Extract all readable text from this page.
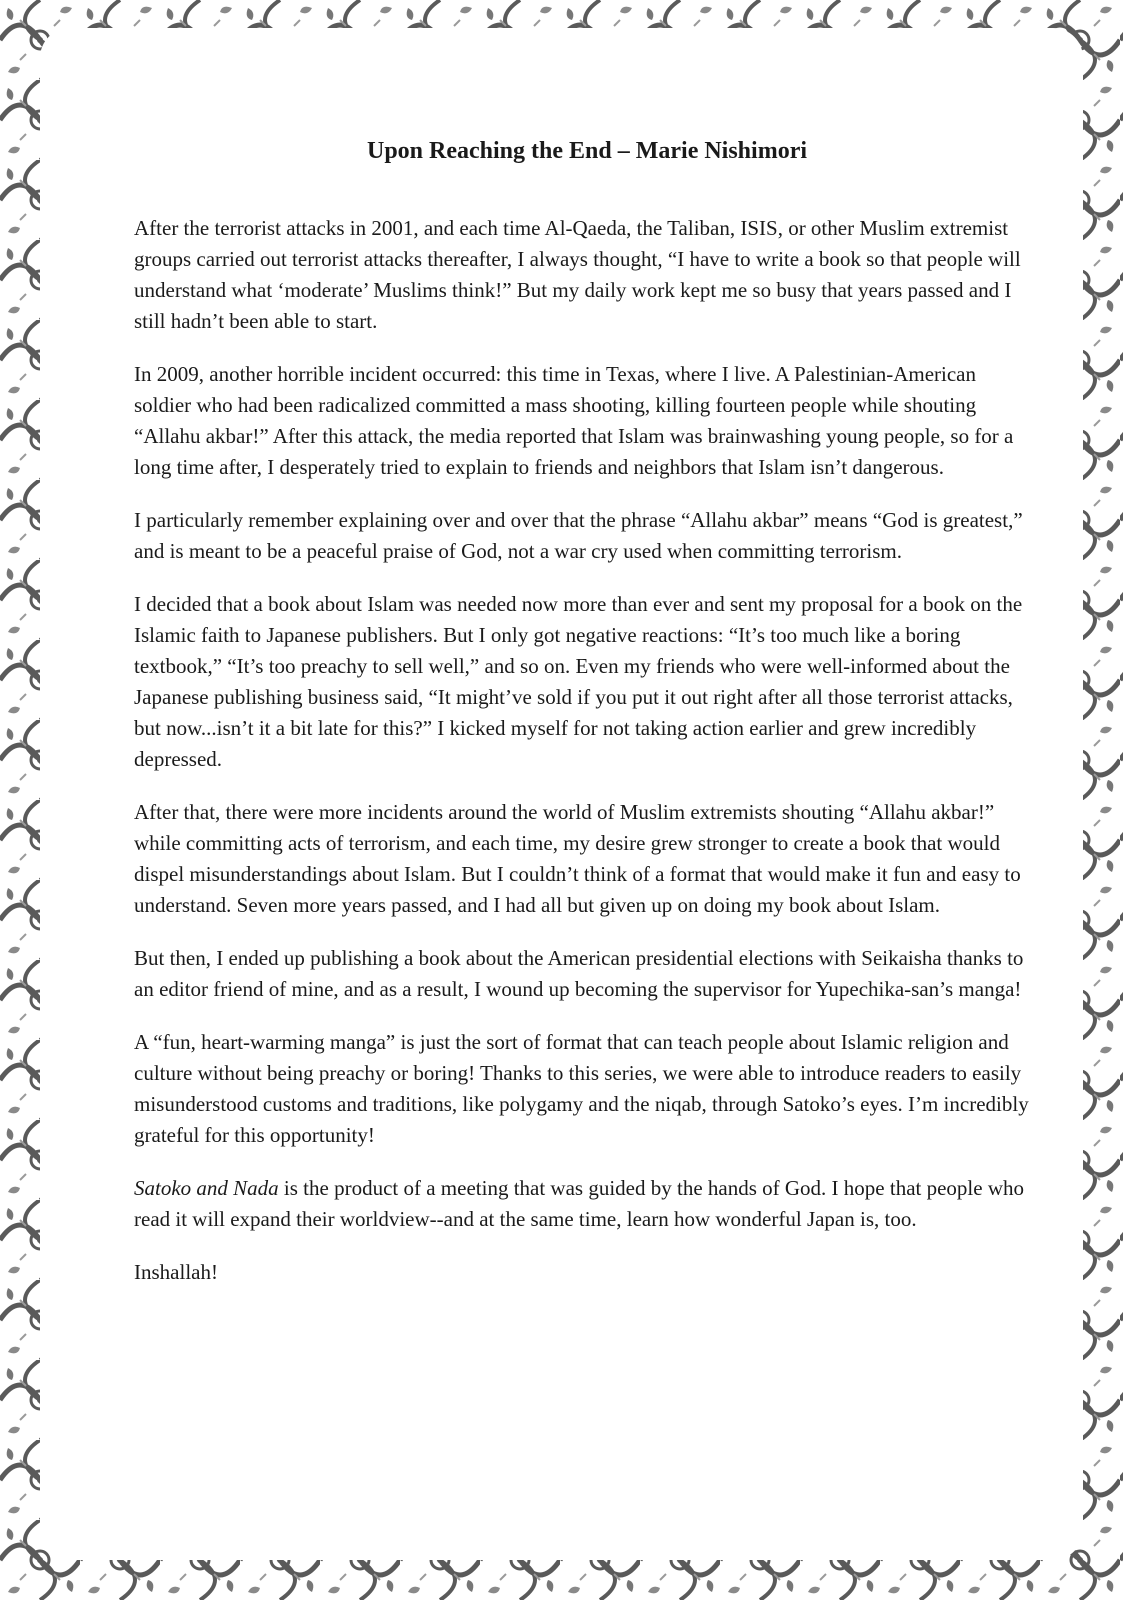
Upon Reaching the End – Marie Nishimori

After the terrorist attacks in 2001, and each time Al-Qaeda, the Taliban, ISIS, or other Muslim extremist groups carried out terrorist attacks thereafter, I always thought, “I have to write a book so that people will understand what ‘moderate’ Muslims think!” But my daily work kept me so busy that years passed and I still hadn’t been able to start.

In 2009, another horrible incident occurred: this time in Texas, where I live. A Palestinian-American soldier who had been radicalized committed a mass shooting, killing fourteen people while shouting “Allahu akbar!” After this attack, the media reported that Islam was brainwashing young people, so for a long time after, I desperately tried to explain to friends and neighbors that Islam isn’t dangerous.

I particularly remember explaining over and over that the phrase “Allahu akbar” means “God is greatest,” and is meant to be a peaceful praise of God, not a war cry used when committing terrorism.

I decided that a book about Islam was needed now more than ever and sent my proposal for a book on the Islamic faith to Japanese publishers. But I only got negative reactions: “It’s too much like a boring textbook,” “It’s too preachy to sell well,” and so on. Even my friends who were well-informed about the Japanese publishing business said, “It might’ve sold if you put it out right after all those terrorist attacks, but now...isn’t it a bit late for this?” I kicked myself for not taking action earlier and grew incredibly depressed.

After that, there were more incidents around the world of Muslim extremists shouting “Allahu akbar!” while committing acts of terrorism, and each time, my desire grew stronger to create a book that would dispel misunderstandings about Islam. But I couldn’t think of a format that would make it fun and easy to understand. Seven more years passed, and I had all but given up on doing my book about Islam.

But then, I ended up publishing a book about the American presidential elections with Seikaisha thanks to an editor friend of mine, and as a result, I wound up becoming the supervisor for Yupechika-san’s manga!

A “fun, heart-warming manga” is just the sort of format that can teach people about Islamic religion and culture without being preachy or boring! Thanks to this series, we were able to introduce readers to easily misunderstood customs and traditions, like polygamy and the niqab, through Satoko’s eyes. I’m incredibly grateful for this opportunity!

Satoko and Nada is the product of a meeting that was guided by the hands of God. I hope that people who read it will expand their worldview--and at the same time, learn how wonderful Japan is, too.

Inshallah!
